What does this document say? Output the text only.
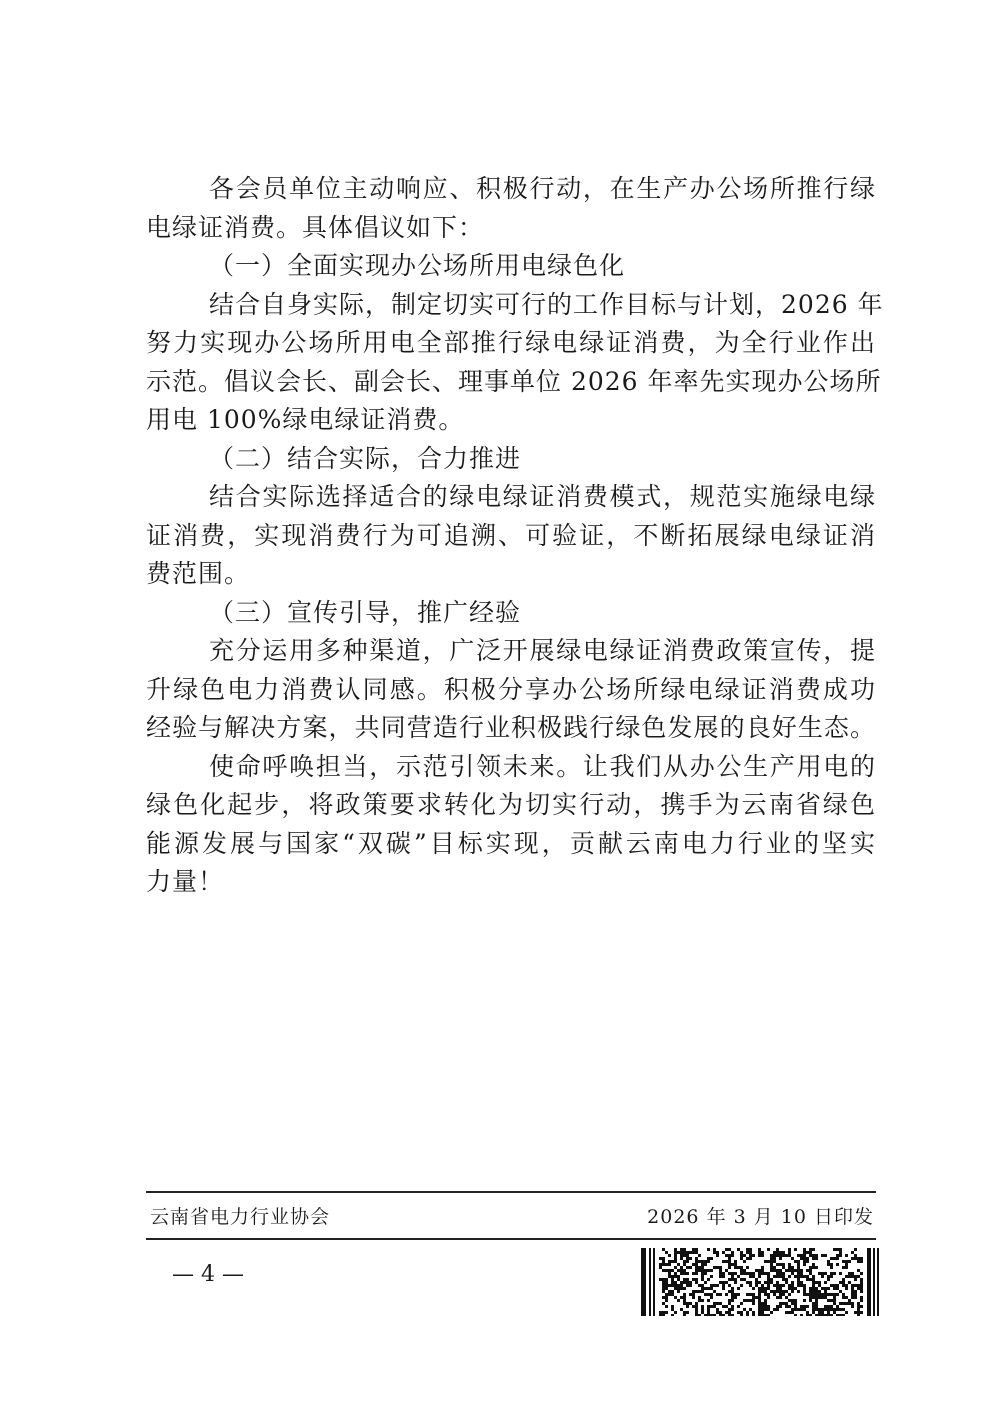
各会员单位主动响应、积极行动，在生产办公场所推行绿
电绿证消费。具体倡议如下：
（一）全面实现办公场所用电绿色化
结合自身实际，制定切实可行的工作目标与计划，2026 年
努力实现办公场所用电全部推行绿电绿证消费，为全行业作出
示范。倡议会长、副会长、理事单位 2026 年率先实现办公场所
用电 100%绿电绿证消费。
（二）结合实际，合力推进
结合实际选择适合的绿电绿证消费模式，规范实施绿电绿
证消费，实现消费行为可追溯、可验证，不断拓展绿电绿证消
费范围。
（三）宣传引导，推广经验
充分运用多种渠道，广泛开展绿电绿证消费政策宣传，提
升绿色电力消费认同感。积极分享办公场所绿电绿证消费成功
经验与解决方案，共同营造行业积极践行绿色发展的良好生态。
使命呼唤担当，示范引领未来。让我们从办公生产用电的
绿色化起步，将政策要求转化为切实行动，携手为云南省绿色
能源发展与国家“双碳”目标实现，贡献云南电力行业的坚实
力量！
云南省电力行业协会	2026 年 3 月 10 日印发
— 4 —
